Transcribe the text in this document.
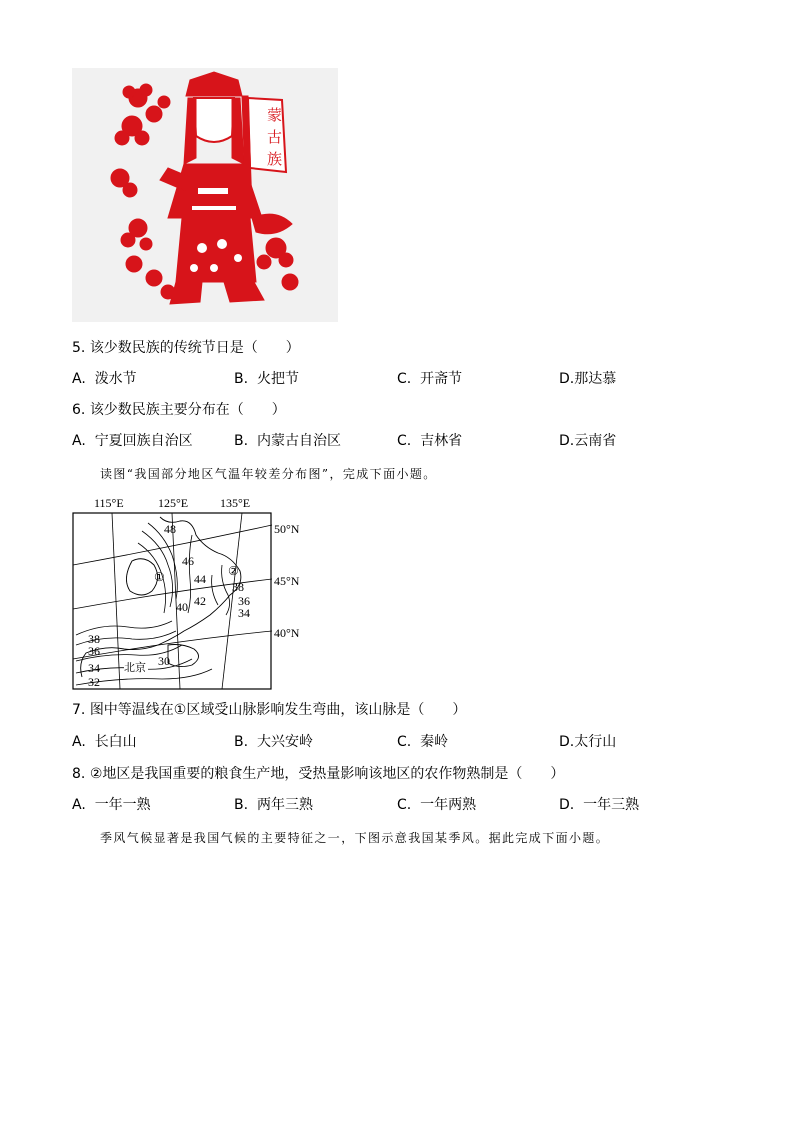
蒙
古
族
5. 该少数民族的传统节日是（　　）
A. 泼水节	B. 火把节	C. 开斋节	D.那达慕
6. 该少数民族主要分布在（　　）
A. 宁夏回族自治区	B. 内蒙古自治区	C. 吉林省	D.云南省
读图“我国部分地区气温年较差分布图”，完成下面小题。
115°E	125°E	135°E
50°N
45°N
40°N
48
46
44
42
40
38
36
34
38
36
34
32
30
①	②
北京
7. 图中等温线在①区域受山脉影响发生弯曲，该山脉是（　　）
A. 长白山	B. 大兴安岭	C. 秦岭	D.太行山
8. ②地区是我国重要的粮食生产地，受热量影响该地区的农作物熟制是（　　）
A. 一年一熟	B. 两年三熟	C. 一年两熟	D. 一年三熟
季风气候显著是我国气候的主要特征之一，下图示意我国某季风。据此完成下面小题。
